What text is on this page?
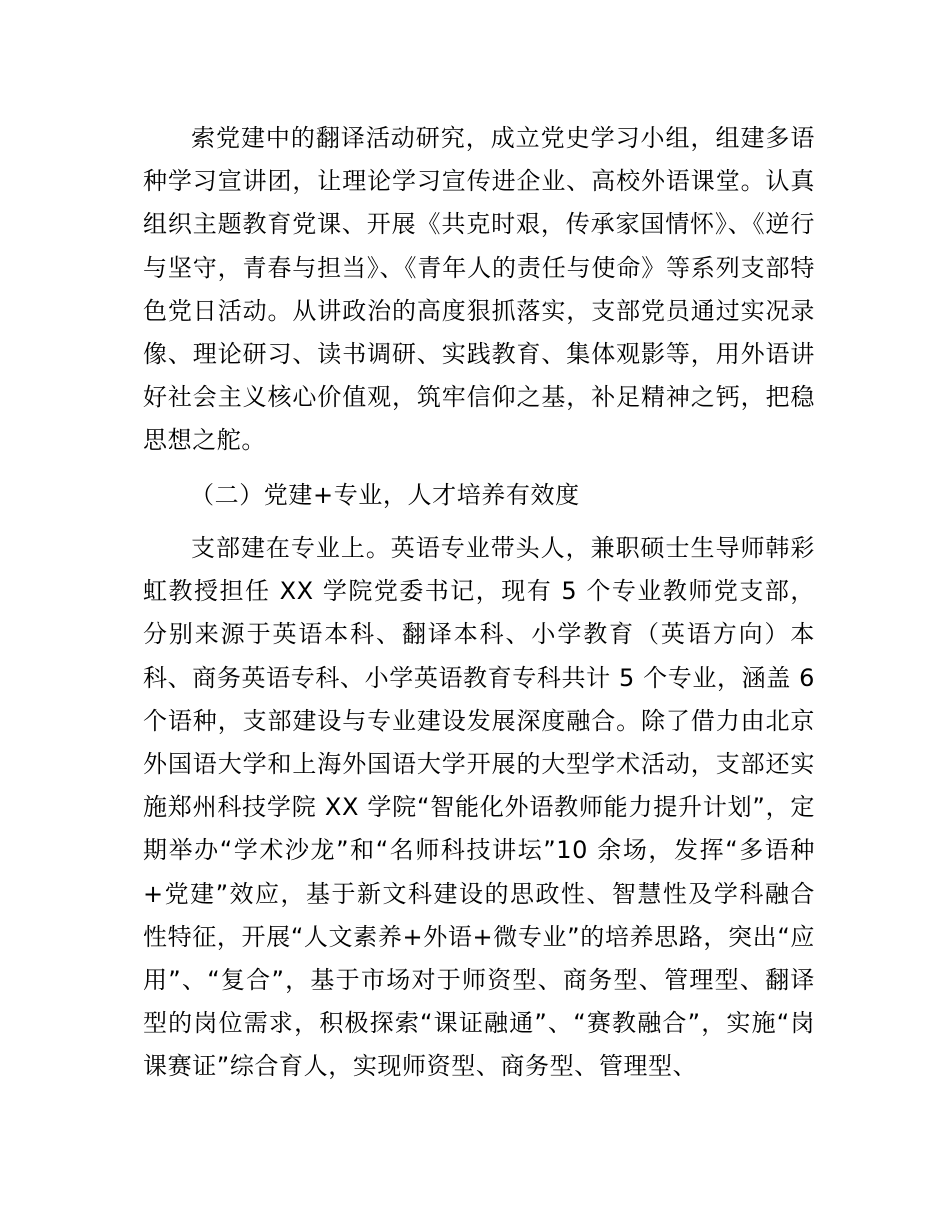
索党建中的翻译活动研究，成立党史学习小组，组建多语种学习宣讲团，让理论学习宣传进企业、高校外语课堂。认真组织主题教育党课、开展《共克时艰，传承家国情怀》、《逆行与坚守，青春与担当》、《青年人的责任与使命》等系列支部特色党日活动。从讲政治的高度狠抓落实，支部党员通过实况录像、理论研习、读书调研、实践教育、集体观影等，用外语讲好社会主义核心价值观，筑牢信仰之基，补足精神之钙，把稳思想之舵。

（二）党建+专业，人才培养有效度

支部建在专业上。英语专业带头人，兼职硕士生导师韩彩虹教授担任 XX 学院党委书记，现有 5 个专业教师党支部，分别来源于英语本科、翻译本科、小学教育（英语方向）本科、商务英语专科、小学英语教育专科共计 5 个专业，涵盖 6 个语种，支部建设与专业建设发展深度融合。除了借力由北京外国语大学和上海外国语大学开展的大型学术活动，支部还实施郑州科技学院 XX 学院“智能化外语教师能力提升计划”，定期举办“学术沙龙”和“名师科技讲坛”10 余场，发挥“多语种+党建”效应，基于新文科建设的思政性、智慧性及学科融合性特征，开展“人文素养+外语+微专业”的培养思路，突出“应用”、“复合”，基于市场对于师资型、商务型、管理型、翻译型的岗位需求，积极探索“课证融通”、“赛教融合”，实施“岗课赛证”综合育人，实现师资型、商务型、管理型、
